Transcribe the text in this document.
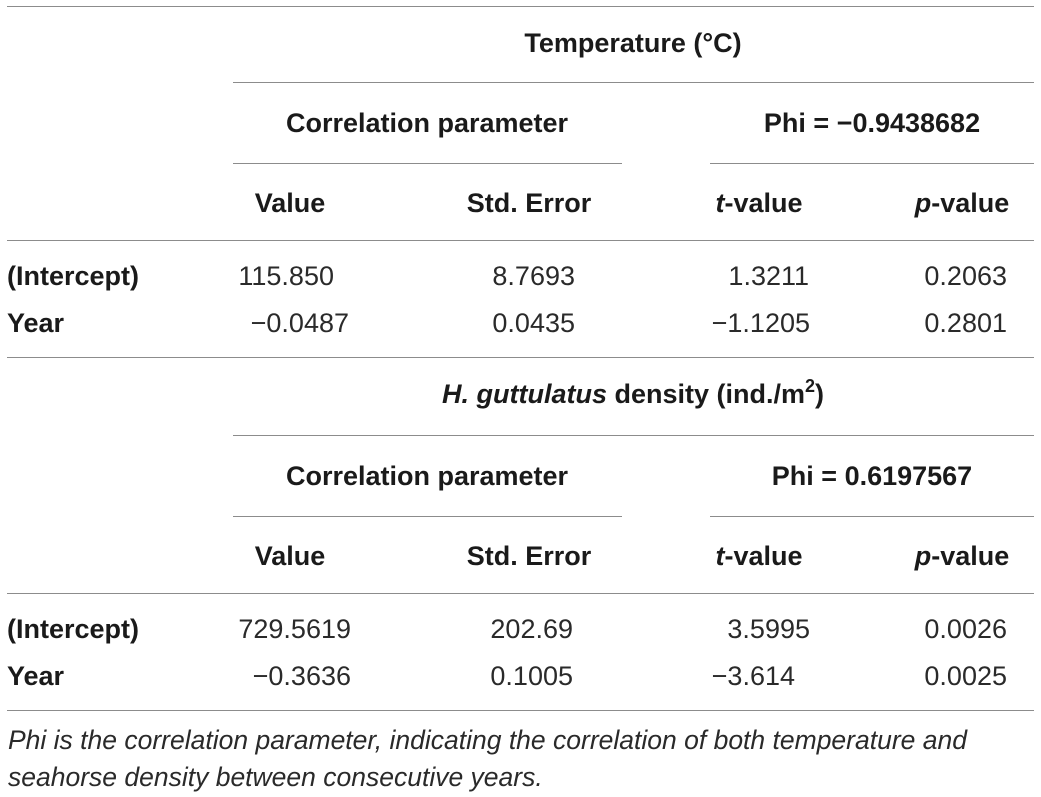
Temperature (°C)
Correlation parameter	Phi = −0.9438682
Value	Std. Error	t-value	p-value
(Intercept)	115.850	8.7693	1.3211	0.2063
Year	−0.0487	0.0435	−1.1205	0.2801
H. guttulatus density $(ind./m^2)$
Correlation parameter	Phi = 0.6197567
Value	Std. Error	t-value	p-value
(Intercept)	729.5619	202.69	3.5995	0.0026
Year	−0.3636	0.1005	−3.614	0.0025
Phi is the correlation parameter, indicating the correlation of both temperature and seahorse density between consecutive years.
